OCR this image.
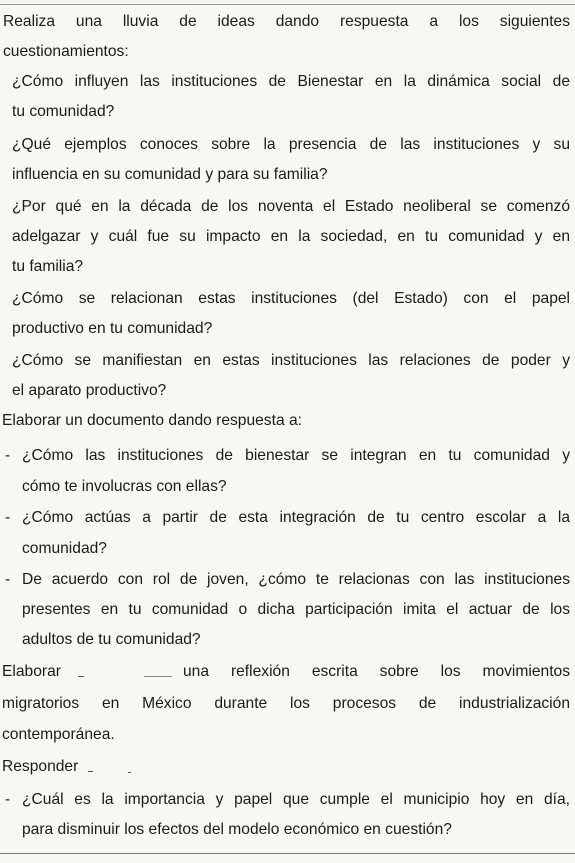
Realiza una lluvia de ideas dando respuesta a los siguientes
cuestionamientos:
¿Cómo influyen las instituciones de Bienestar en la dinámica social de
tu comunidad?
¿Qué ejemplos conoces sobre la presencia de las instituciones y su
influencia en su comunidad y para su familia?
¿Por qué en la década de los noventa el Estado neoliberal se comenzó
adelgazar y cuál fue su impacto en la sociedad, en tu comunidad y en
tu familia?
¿Cómo se relacionan estas instituciones (del Estado) con el papel
productivo en tu comunidad?
¿Cómo se manifiestan en estas instituciones las relaciones de poder y
el aparato productivo?
Elaborar un documento dando respuesta a:
- ¿Cómo las instituciones de bienestar se integran en tu comunidad y
cómo te involucras con ellas?
- ¿Cómo actúas a partir de esta integración de tu centro escolar a la
comunidad?
- De acuerdo con rol de joven, ¿cómo te relacionas con las instituciones
presentes en tu comunidad o dicha participación imita el actuar de los
adultos de tu comunidad?
Elaborar	una reflexión escrita sobre los movimientos
migratorios en México durante los procesos de industrialización
contemporánea.
Responder
- ¿Cuál es la importancia y papel que cumple el municipio hoy en día,
para disminuir los efectos del modelo económico en cuestión?
